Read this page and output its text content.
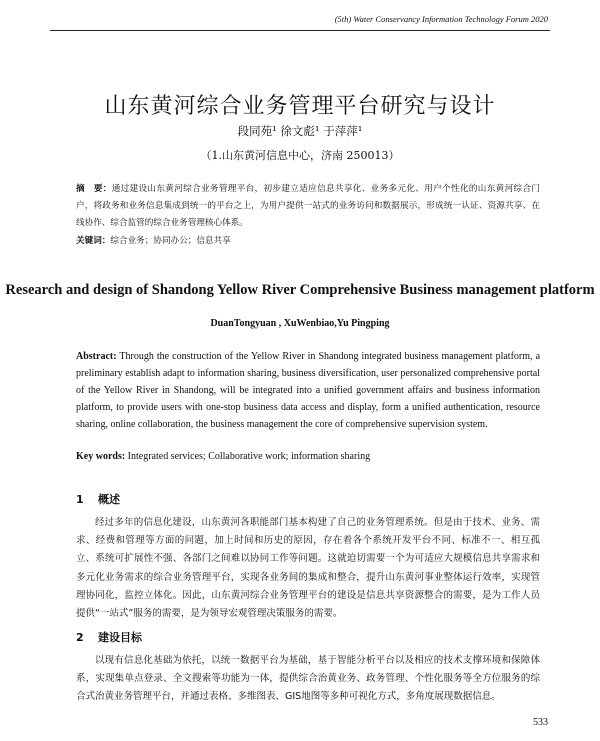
(5th) Water Conservancy Information Technology Forum 2020
山东黄河综合业务管理平台研究与设计
段同苑¹ 徐文彪¹ 于萍萍¹
（1.山东黄河信息中心，济南 250013）
摘　要：通过建设山东黄河综合业务管理平台，初步建立适应信息共享化、业务多元化、用户个性化的山东黄河综合门户，将政务和业务信息集成到统一的平台之上，为用户提供一站式的业务访问和数据展示，形成统一认证、资源共享、在线协作、综合监管的综合业务管理核心体系。
关键词：综合业务；协同办公；信息共享
Research and design of Shandong Yellow River Comprehensive Business management platform
DuanTongyuan , XuWenbiao,Yu Pingping
Abstract: Through the construction of the Yellow River in Shandong integrated business management platform, a preliminary establish adapt to information sharing, business diversification, user personalized comprehensive portal of the Yellow River in Shandong, will be integrated into a unified government affairs and business information platform, to provide users with one-stop business data access and display, form a unified authentication, resource sharing, online collaboration, the business management the core of comprehensive supervision system.
Key words: Integrated services; Collaborative work; information sharing
1 概述
经过多年的信息化建设，山东黄河各职能部门基本构建了自己的业务管理系统。但是由于技术、业务、需求、经费和管理等方面的问题，加上时间和历史的原因，存在着各个系统开发平台不同、标准不一、相互孤立、系统可扩展性不强、各部门之间难以协同工作等问题。这就迫切需要一个为可适应大规模信息共享需求和多元化业务需求的综合业务管理平台，实现各业务间的集成和整合，提升山东黄河事业整体运行效率，实现管理协同化，监控立体化。因此，山东黄河综合业务管理平台的建设是信息共享资源整合的需要，是为工作人员提供“一站式”服务的需要，是为领导宏观管理决策服务的需要。
2 建设目标
以现有信息化基础为依托，以统一数据平台为基础，基于智能分析平台以及相应的技术支撑环境和保障体系，实现集单点登录、全文搜索等功能为一体，提供综合治黄业务、政务管理、个性化服务等全方位服务的综合式治黄业务管理平台，并通过表格、多维图表、GIS地图等多种可视化方式，多角度展现数据信息。
533
